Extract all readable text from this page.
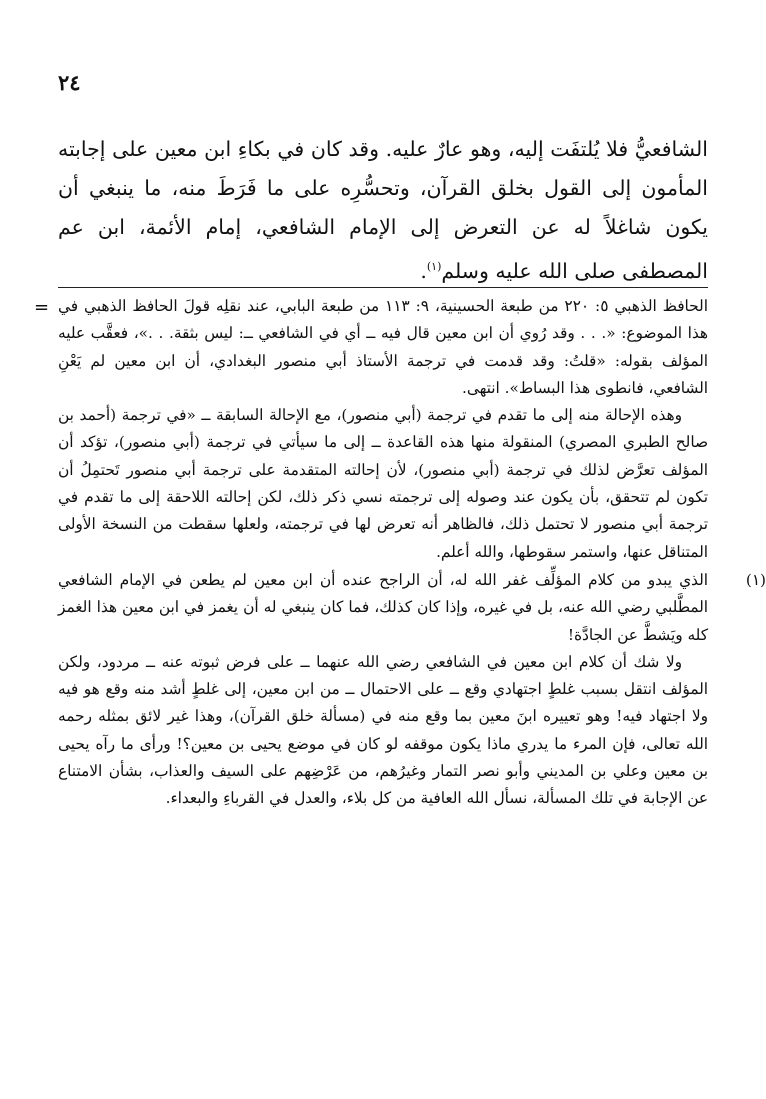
٢٤
الشافعيُّ فلا يُلتفَت إليه، وهو عارٌ عليه. وقد كان في بكاءِ ابن معين على إجابته المأمون إلى القول بخلق القرآن، وتحسُّرِه على ما فَرَطَ منه، ما ينبغي أن يكون شاغلاً له عن التعرض إلى الإمام الشافعي، إمام الأئمة، ابن عم المصطفى صلى الله عليه وسلم$^{(١)}$.
= الحافظ الذهبي ٥: ٢٢٠ من طبعة الحسينية، ٩: ١١٣ من طبعة البابي، عند نقلِه قولَ الحافظ الذهبي في هذا الموضوع: «. . . وقد رُوي أن ابن معين قال فيه ــ أي في الشافعي ــ: ليس بثقة. . .»، فعقَّب عليه المؤلف بقوله: «قلتُ: وقد قدمت في ترجمة الأستاذ أبي منصور البغدادي، أن ابن معين لم يَعْنِ الشافعي، فانطوى هذا البساط». انتهى.

وهذه الإحالة منه إلى ما تقدم في ترجمة (أبي منصور)، مع الإحالة السابقة ــ «في ترجمة (أحمد بن صالح الطبري المصري) المنقولة منها هذه القاعدة ــ إلى ما سيأتي في ترجمة (أبي منصور)، تؤكد أن المؤلف تعرَّض لذلك في ترجمة (أبي منصور)، لأن إحالته المتقدمة على ترجمة أبي منصور تَحتمِلُ أن تكون لم تتحقق، بأن يكون عند وصوله إلى ترجمته نسي ذكر ذلك، لكن إحالته اللاحقة إلى ما تقدم في ترجمة أبي منصور لا تحتمل ذلك، فالظاهر أنه تعرض لها في ترجمته، ولعلها سقطت من النسخة الأولى المتناقل عنها، واستمر سقوطها، والله أعلم.

(١)
الذي يبدو من كلام المؤلِّف غفر الله له، أن الراجح عنده أن ابن معين لم يطعن في الإمام الشافعي المطَّلبي رضي الله عنه، بل في غيره، وإذا كان كذلك، فما كان ينبغي له أن يغمز في ابن معين هذا الغمز كله ويَشطَّ عن الجادَّة!

ولا شك أن كلام ابن معين في الشافعي رضي الله عنهما ــ على فرض ثبوته عنه ــ مردود، ولكن المؤلف انتقل بسبب غلطٍ اجتهادي وقع ــ على الاحتمال ــ من ابن معين، إلى غلطٍ أشد منه وقع هو فيه ولا اجتهاد فيه! وهو تعييره ابنَ معين بما وقع منه في (مسألة خلق القرآن)، وهذا غير لائق بمثله رحمه الله تعالى، فإن المرء ما يدري ماذا يكون موقفه لو كان في موضع يحيى بن معين؟! ورأى ما رآه يحيى بن معين وعلي بن المديني وأبو نصر التمار وغيرُهم، من عَرْضِهم على السيف والعذاب، بشأن الامتناع عن الإجابة في تلك المسألة، نسأل الله العافية من كل بلاء، والعدل في القرباءِ والبعداء.
